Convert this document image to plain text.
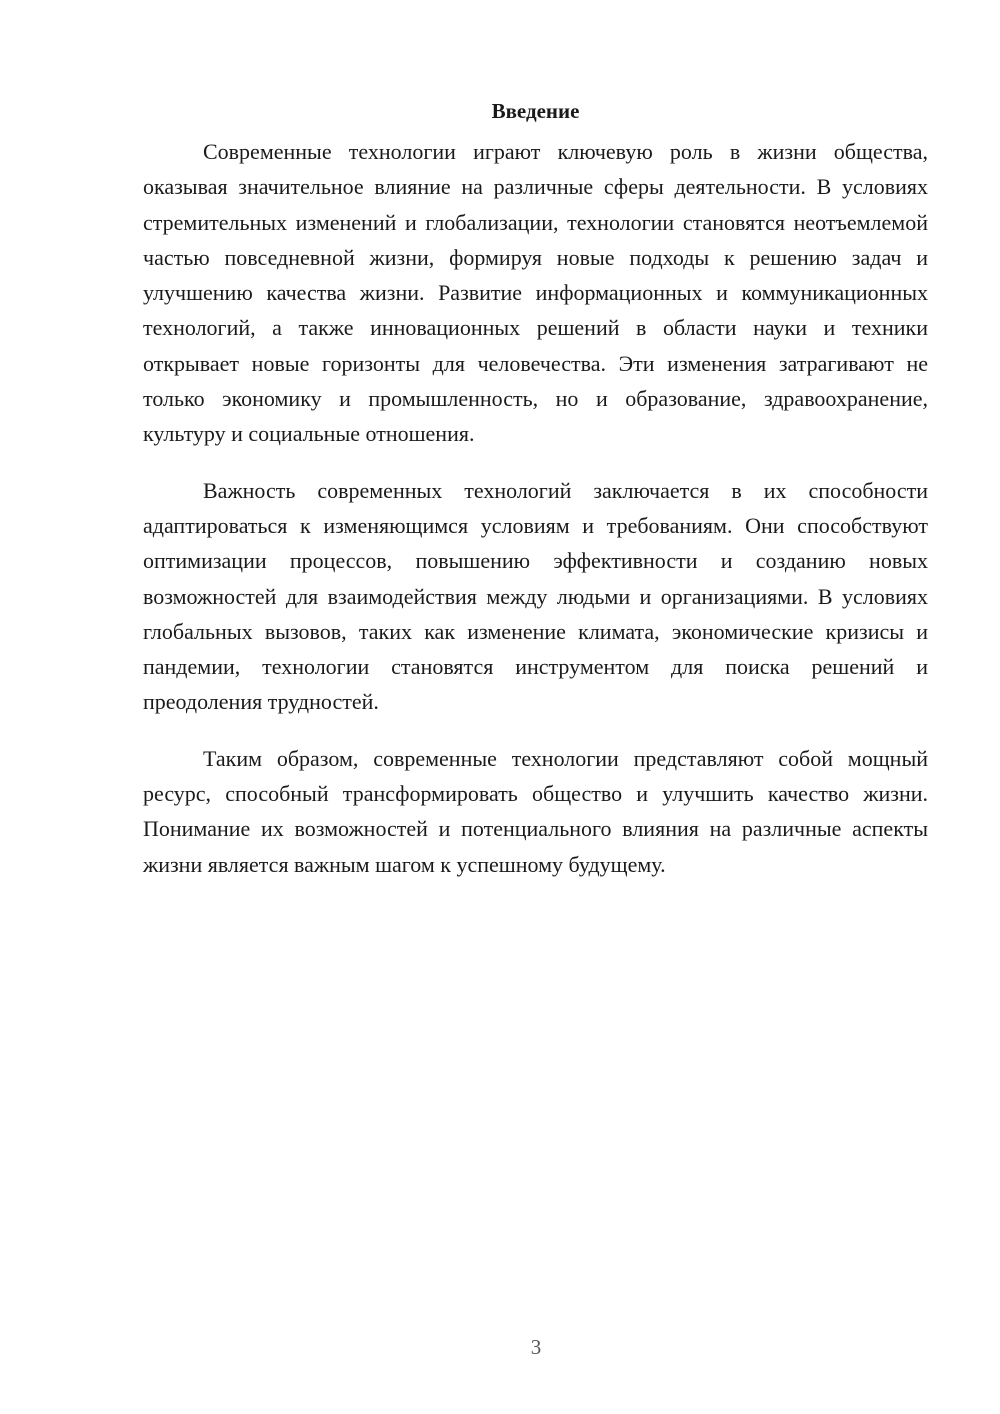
Введение

Современные технологии играют ключевую роль в жизни общества, оказывая значительное влияние на различные сферы деятельности. В условиях стремительных изменений и глобализации, технологии становятся неотъемлемой частью повседневной жизни, формируя новые подходы к решению задач и улучшению качества жизни. Развитие информационных и коммуникационных технологий, а также инновационных решений в области науки и техники открывает новые горизонты для человечества. Эти изменения затрагивают не только экономику и промышленность, но и образование, здравоохранение, культуру и социальные отношения.

Важность современных технологий заключается в их способности адаптироваться к изменяющимся условиям и требованиям. Они способствуют оптимизации процессов, повышению эффективности и созданию новых возможностей для взаимодействия между людьми и организациями. В условиях глобальных вызовов, таких как изменение климата, экономические кризисы и пандемии, технологии становятся инструментом для поиска решений и преодоления трудностей.

Таким образом, современные технологии представляют собой мощный ресурс, способный трансформировать общество и улучшить качество жизни. Понимание их возможностей и потенциального влияния на различные аспекты жизни является важным шагом к успешному будущему.

3
